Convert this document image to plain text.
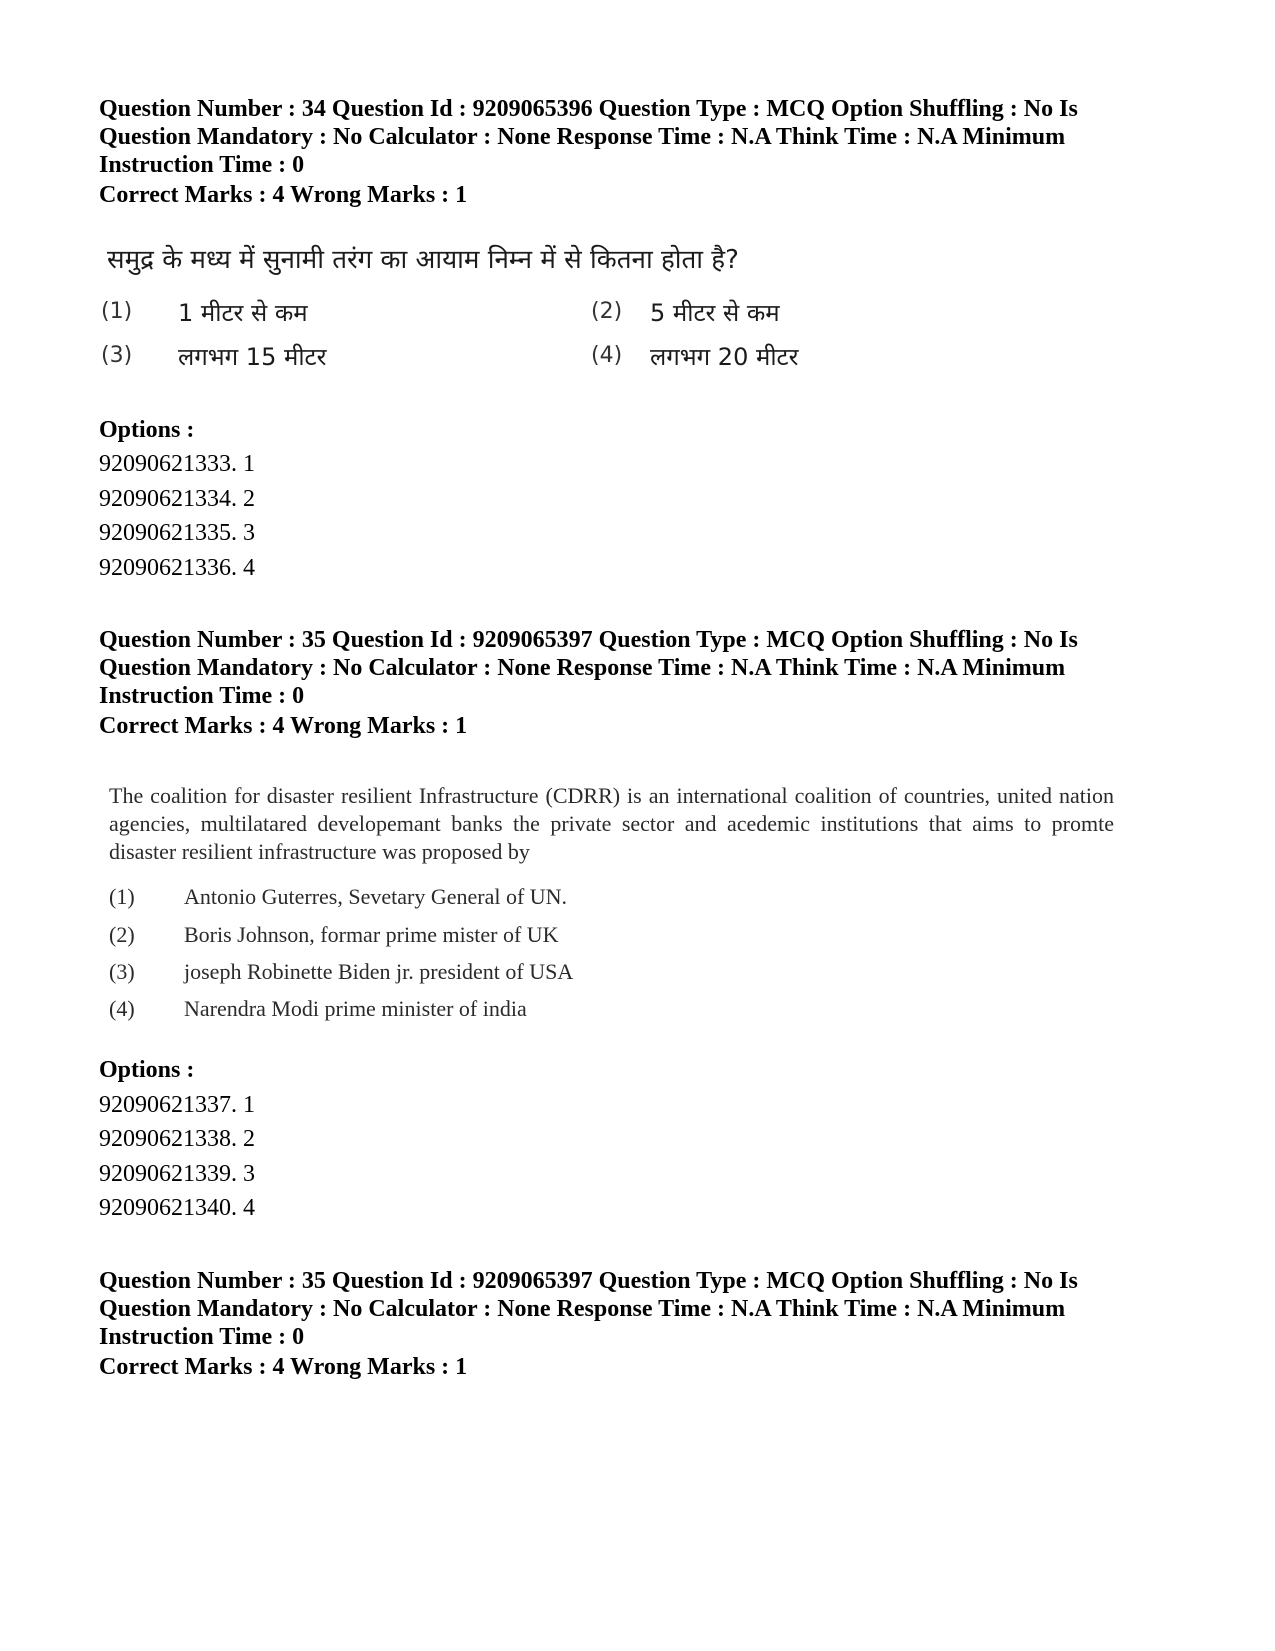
Question Number : 34 Question Id : 9209065396 Question Type : MCQ Option Shuffling : No Is Question Mandatory : No Calculator : None Response Time : N.A Think Time : N.A Minimum Instruction Time : 0
Correct Marks : 4 Wrong Marks : 1
समुद्र के मध्य में सुनामी तरंग का आयाम निम्न में से कितना होता है?
(1) 1 मीटर से कम	(2) 5 मीटर से कम
(3) लगभग 15 मीटर	(4) लगभग 20 मीटर
Options :
92090621333. 1
92090621334. 2
92090621335. 3
92090621336. 4
Question Number : 35 Question Id : 9209065397 Question Type : MCQ Option Shuffling : No Is Question Mandatory : No Calculator : None Response Time : N.A Think Time : N.A Minimum Instruction Time : 0
Correct Marks : 4 Wrong Marks : 1
The coalition for disaster resilient Infrastructure (CDRR) is an international coalition of countries, united nation agencies, multilatared developemant banks the private sector and acedemic institutions that aims to promte disaster resilient infrastructure was proposed by
(1) Antonio Guterres, Sevetary General of UN.
(2) Boris Johnson, formar prime mister of UK
(3) joseph Robinette Biden jr. president of USA
(4) Narendra Modi prime minister of india
Options :
92090621337. 1
92090621338. 2
92090621339. 3
92090621340. 4
Question Number : 35 Question Id : 9209065397 Question Type : MCQ Option Shuffling : No Is Question Mandatory : No Calculator : None Response Time : N.A Think Time : N.A Minimum Instruction Time : 0
Correct Marks : 4 Wrong Marks : 1
